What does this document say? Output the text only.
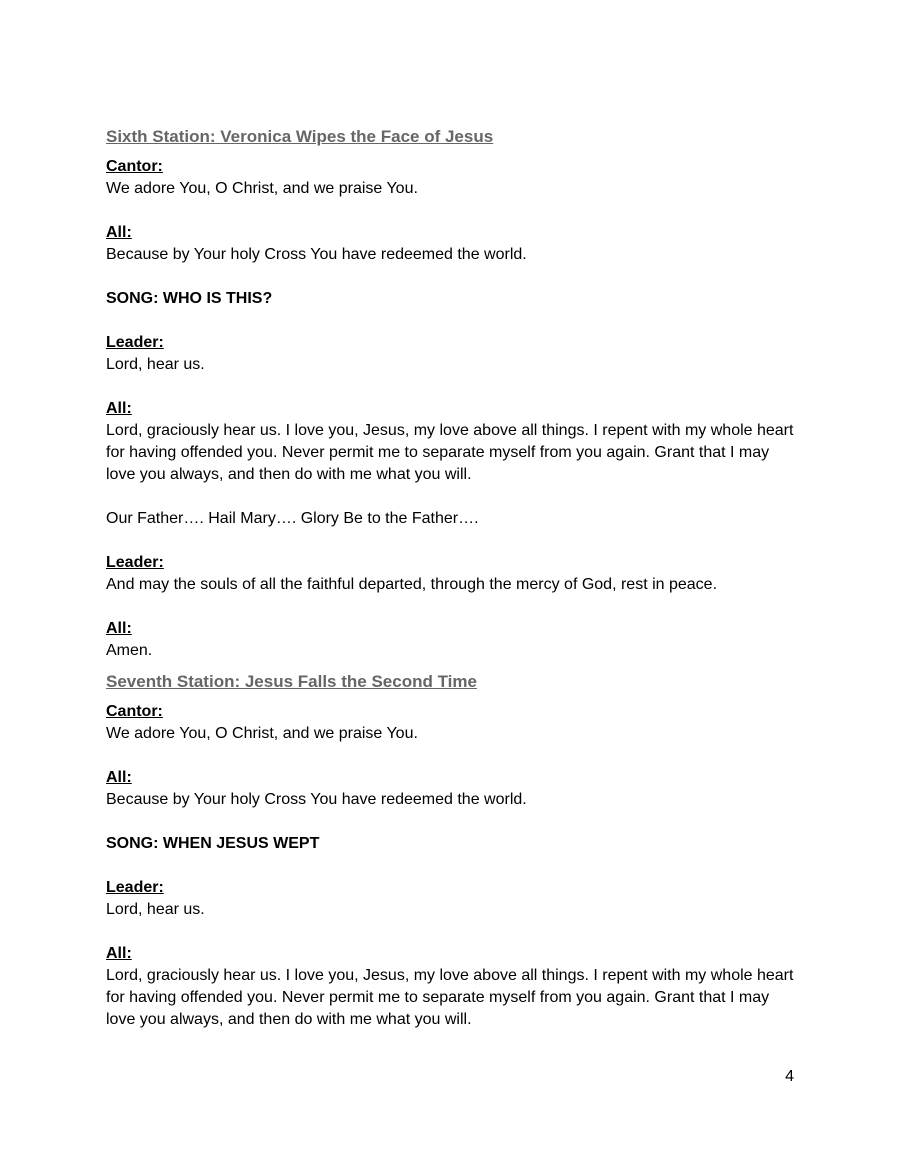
Sixth Station: Veronica Wipes the Face of Jesus
Cantor:
We adore You, O Christ, and we praise You.
All:
Because by Your holy Cross You have redeemed the world.
SONG: WHO IS THIS?
Leader:
Lord, hear us.
All:
Lord, graciously hear us. I love you, Jesus, my love above all things. I repent with my whole heart for having offended you. Never permit me to separate myself from you again. Grant that I may love you always, and then do with me what you will.
Our Father…. Hail Mary…. Glory Be to the Father….
Leader:
And may the souls of all the faithful departed, through the mercy of God, rest in peace.
All:
Amen.
Seventh Station: Jesus Falls the Second Time
Cantor:
We adore You, O Christ, and we praise You.
All:
Because by Your holy Cross You have redeemed the world.
SONG: WHEN JESUS WEPT
Leader:
Lord, hear us.
All:
Lord, graciously hear us. I love you, Jesus, my love above all things. I repent with my whole heart for having offended you. Never permit me to separate myself from you again. Grant that I may love you always, and then do with me what you will.
4
